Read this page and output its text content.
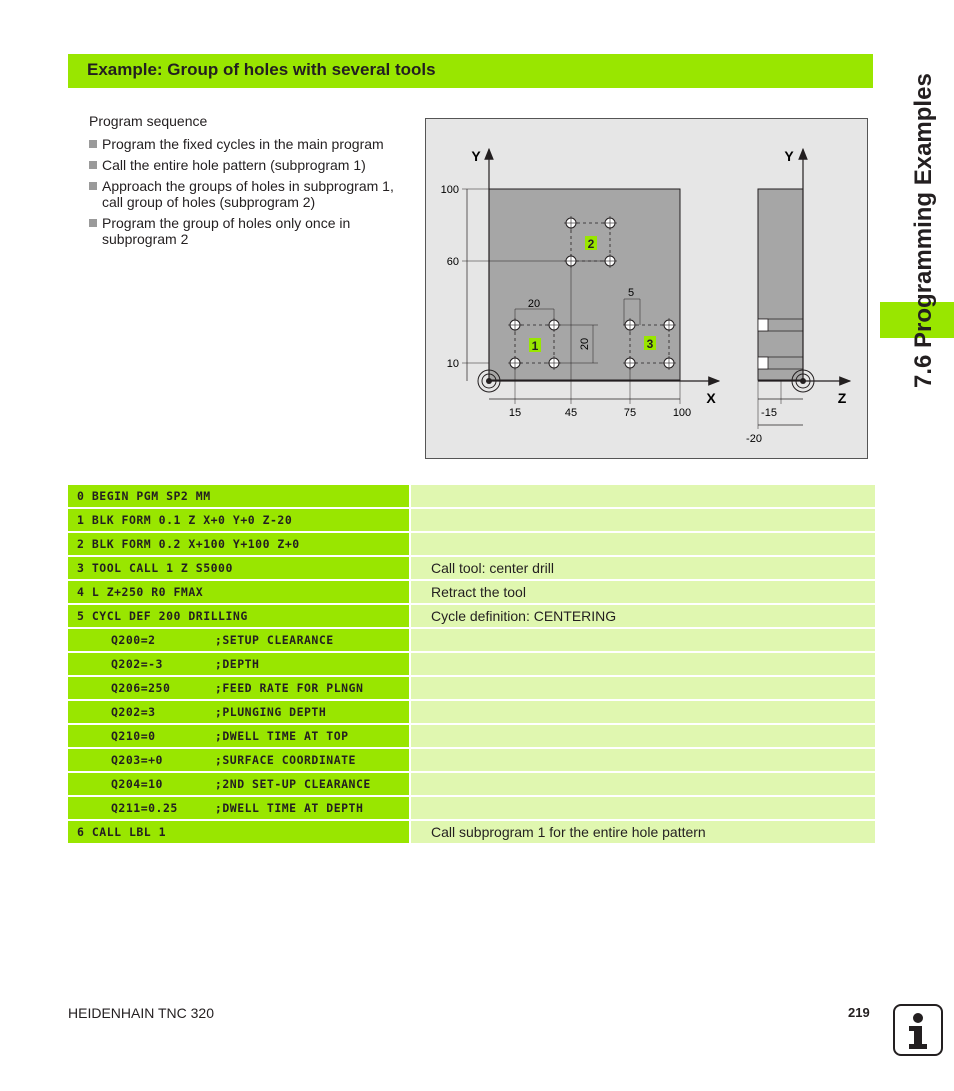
Example: Group of holes with several tools
7.6 Programming Examples

Program sequence

Program the fixed cycles in the main program
Call the entire hole pattern (subprogram 1)
Approach the groups of holes in subprogram 1, call group of holes (subprogram 2)
Program the group of holes only once in subprogram 2
1
2
3
Y	Y
X	Z
100
60
10
15	45	75	100
20
20
5
-15
-20
0 BEGIN PGM SP2 MM
1 BLK FORM 0.1 Z X+0 Y+0 Z-20
2 BLK FORM 0.2 X+100 Y+100 Z+0
3 TOOL CALL 1 Z S5000	Call tool: center drill
4 L Z+250 R0 FMAX	Retract the tool
5 CYCL DEF 200 DRILLING	Cycle definition: CENTERING
Q200=2        ;SETUP CLEARANCE
Q202=-3       ;DEPTH
Q206=250      ;FEED RATE FOR PLNGN
Q202=3        ;PLUNGING DEPTH
Q210=0        ;DWELL TIME AT TOP
Q203=+0       ;SURFACE COORDINATE
Q204=10       ;2ND SET-UP CLEARANCE
Q211=0.25     ;DWELL TIME AT DEPTH
6 CALL LBL 1	Call subprogram 1 for the entire hole pattern
HEIDENHAIN TNC 320	219
